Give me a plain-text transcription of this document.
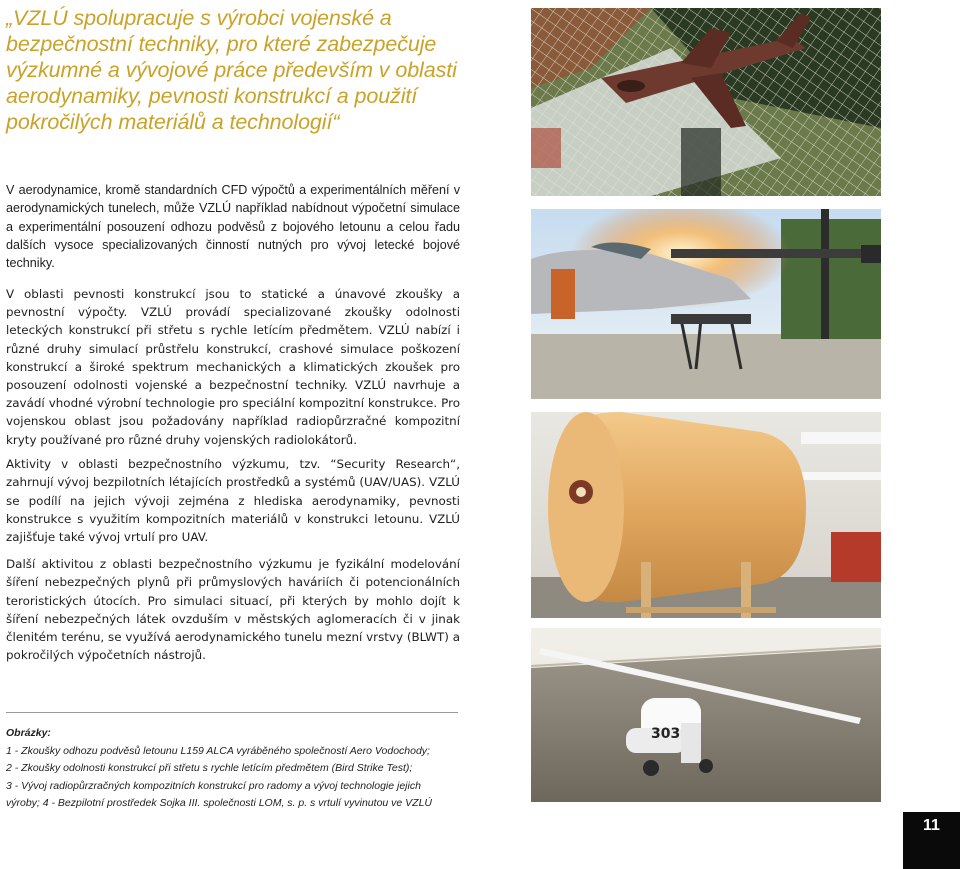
„VZLÚ spolupracuje s výrobci vojenské a bezpečnostní techniky, pro které zabezpečuje výzkumné a vývojové práce především v oblasti aerodynamiky, pevnosti konstrukcí a použití pokročilých materiálů a technologií“

V aerodynamice, kromě standardních CFD výpočtů a experimentálních měření v aerodynamických tunelech, může VZLÚ například nabídnout výpočetní simulace a experimentální posouzení odhozu podvěsů z bojového letounu a celou řadu dalších vysoce specializovaných činností nutných pro vývoj letecké bojové techniky.

V oblasti pevnosti konstrukcí jsou to statické a únavové zkoušky a pevnostní výpočty. VZLÚ provádí specializované zkoušky odolnosti leteckých konstrukcí při střetu s rychle letícím předmětem. VZLÚ nabízí i různé druhy simulací průstřelu konstrukcí, crashové simulace poškození konstrukcí a široké spektrum mechanických a klimatických zkoušek pro posouzení odolnosti vojenské a bezpečnostní techniky. VZLÚ navrhuje a zavádí vhodné výrobní technologie pro speciální kompozitní konstrukce. Pro vojenskou oblast jsou požadovány například radiopůrzračné kompozitní kryty používané pro různé druhy vojenských radiolokátorů.

Aktivity v oblasti bezpečnostního výzkumu, tzv. “Security Research“, zahrnují vývoj bezpilotních létajících prostředků a systémů (UAV/UAS). VZLÚ se podílí na jejich vývoji zejména z hlediska aerodynamiky, pevnosti konstrukce s využitím kompozitních materiálů v konstrukci letounu. VZLÚ zajišťuje také vývoj vrtulí pro UAV.

Další aktivitou z oblasti bezpečnostního výzkumu je fyzikální modelování šíření nebezpečných plynů při průmyslových haváriích či potencionálních teroristických útocích. Pro simulaci situací, při kterých by mohlo dojít k šíření nebezpečných látek ovzduším v městských aglomeracích či v jinak členitém terénu, se využívá aerodynamického tunelu mezní vrstvy (BLWT) a pokročilých výpočetních nástrojů.

Obrázky:
1 - Zkoušky odhozu podvěsů letounu L159 ALCA vyráběného společností Aero Vodochody;
2 - Zkoušky odolnosti konstrukcí při střetu s rychle letícím předmětem (Bird Strike Test);
3 - Vývoj radiopůrzračných kompozitních konstrukcí pro radomy a vývoj technologie jejich
výroby; 4 - Bezpilotní prostředek Sojka III. společnosti LOM, s. p. s vrtulí vyvinutou ve VZLÚ
303
11
